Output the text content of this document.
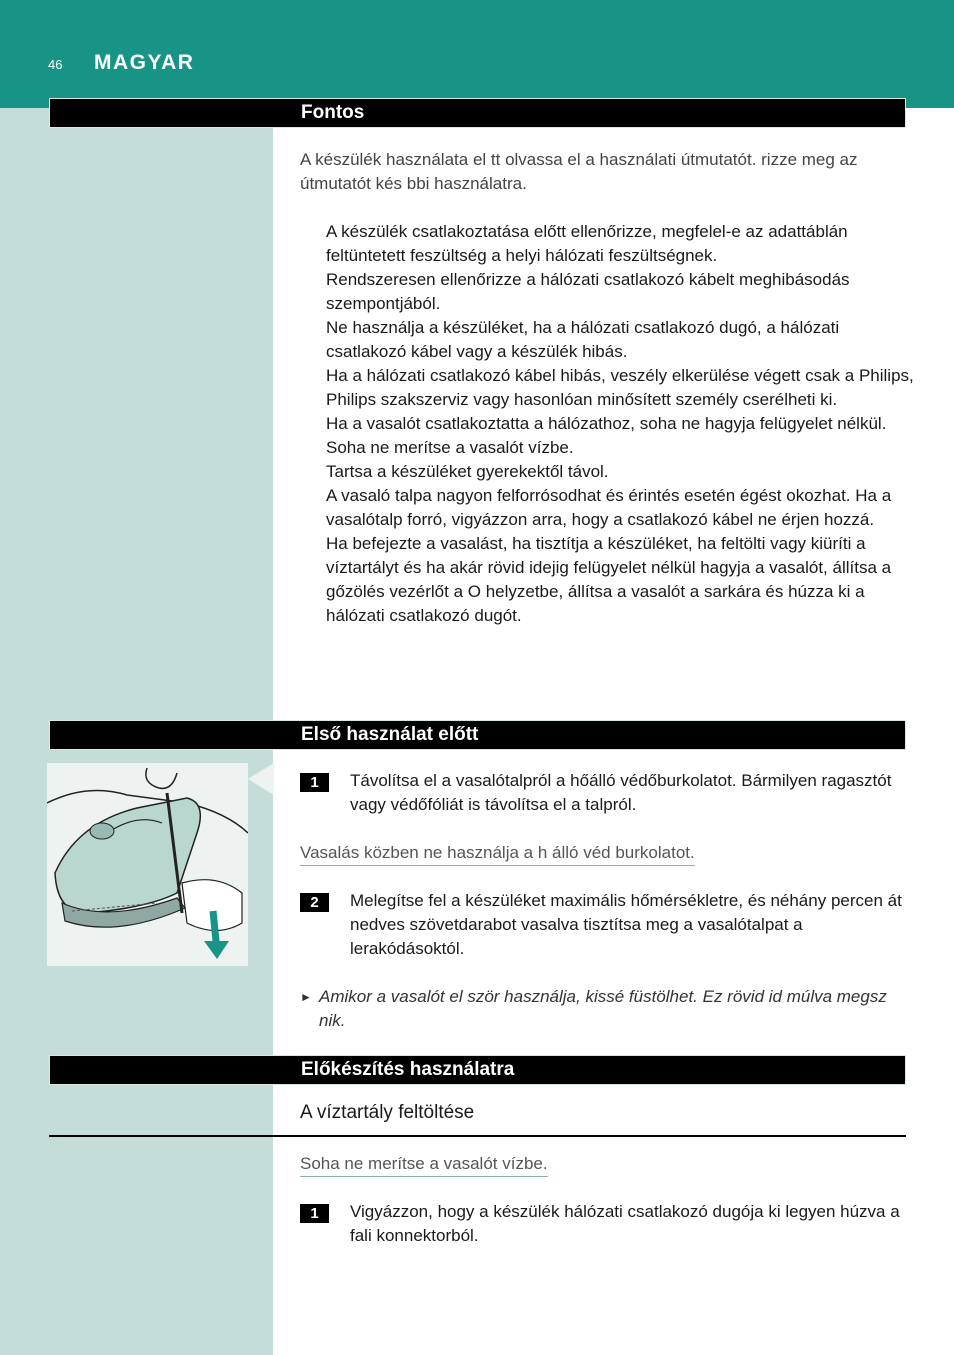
46 MAGYAR
Fontos
A készülék használata el tt olvassa el a használati útmutatót. rizze meg az útmutatót kés bbi használatra.
A készülék csatlakoztatása előtt ellenőrizze, megfelel-e az adattáblán feltüntetett feszültség a helyi hálózati feszültségnek.
Rendszeresen ellenőrizze a hálózati csatlakozó kábelt meghibásodás szempontjából.
Ne használja a készüléket, ha a hálózati csatlakozó dugó, a hálózati csatlakozó kábel vagy a készülék hibás.
Ha a hálózati csatlakozó kábel hibás, veszély elkerülése végett csak a Philips, Philips szakszerviz vagy hasonlóan minősített személy cserélheti ki.
Ha a vasalót csatlakoztatta a hálózathoz, soha ne hagyja felügyelet nélkül.
Soha ne merítse a vasalót vízbe.
Tartsa a készüléket gyerekektől távol.
A vasaló talpa nagyon felforrósodhat és érintés esetén égést okozhat. Ha a vasalótalp forró, vigyázzon arra, hogy a csatlakozó kábel ne érjen hozzá.
Ha befejezte a vasalást, ha tisztítja a készüléket, ha feltölti vagy kiüríti a víztartályt és ha akár rövid idejig felügyelet nélkül hagyja a vasalót, állítsa a gőzölés vezérlőt a O helyzetbe, állítsa a vasalót a sarkára és húzza ki a hálózati csatlakozó dugót.
Első használat előtt
1	Távolítsa el a vasalótalpról a hőálló védőburkolatot. Bármilyen ragasztót vagy védőfóliát is távolítsa el a talpról.
Vasalás közben ne használja a h álló véd burkolatot.
2	Melegítse fel a készüléket maximális hőmérsékletre, és néhány percen át nedves szövetdarabot vasalva tisztítsa meg a vasalótalpat a lerakódásoktól.
► Amikor a vasalót el ször használja, kissé füstölhet. Ez rövid id múlva megsz nik.
Előkészítés használatra
A víztartály feltöltése
Soha ne merítse a vasalót vízbe.
1	Vigyázzon, hogy a készülék hálózati csatlakozó dugója ki legyen húzva a fali konnektorból.
